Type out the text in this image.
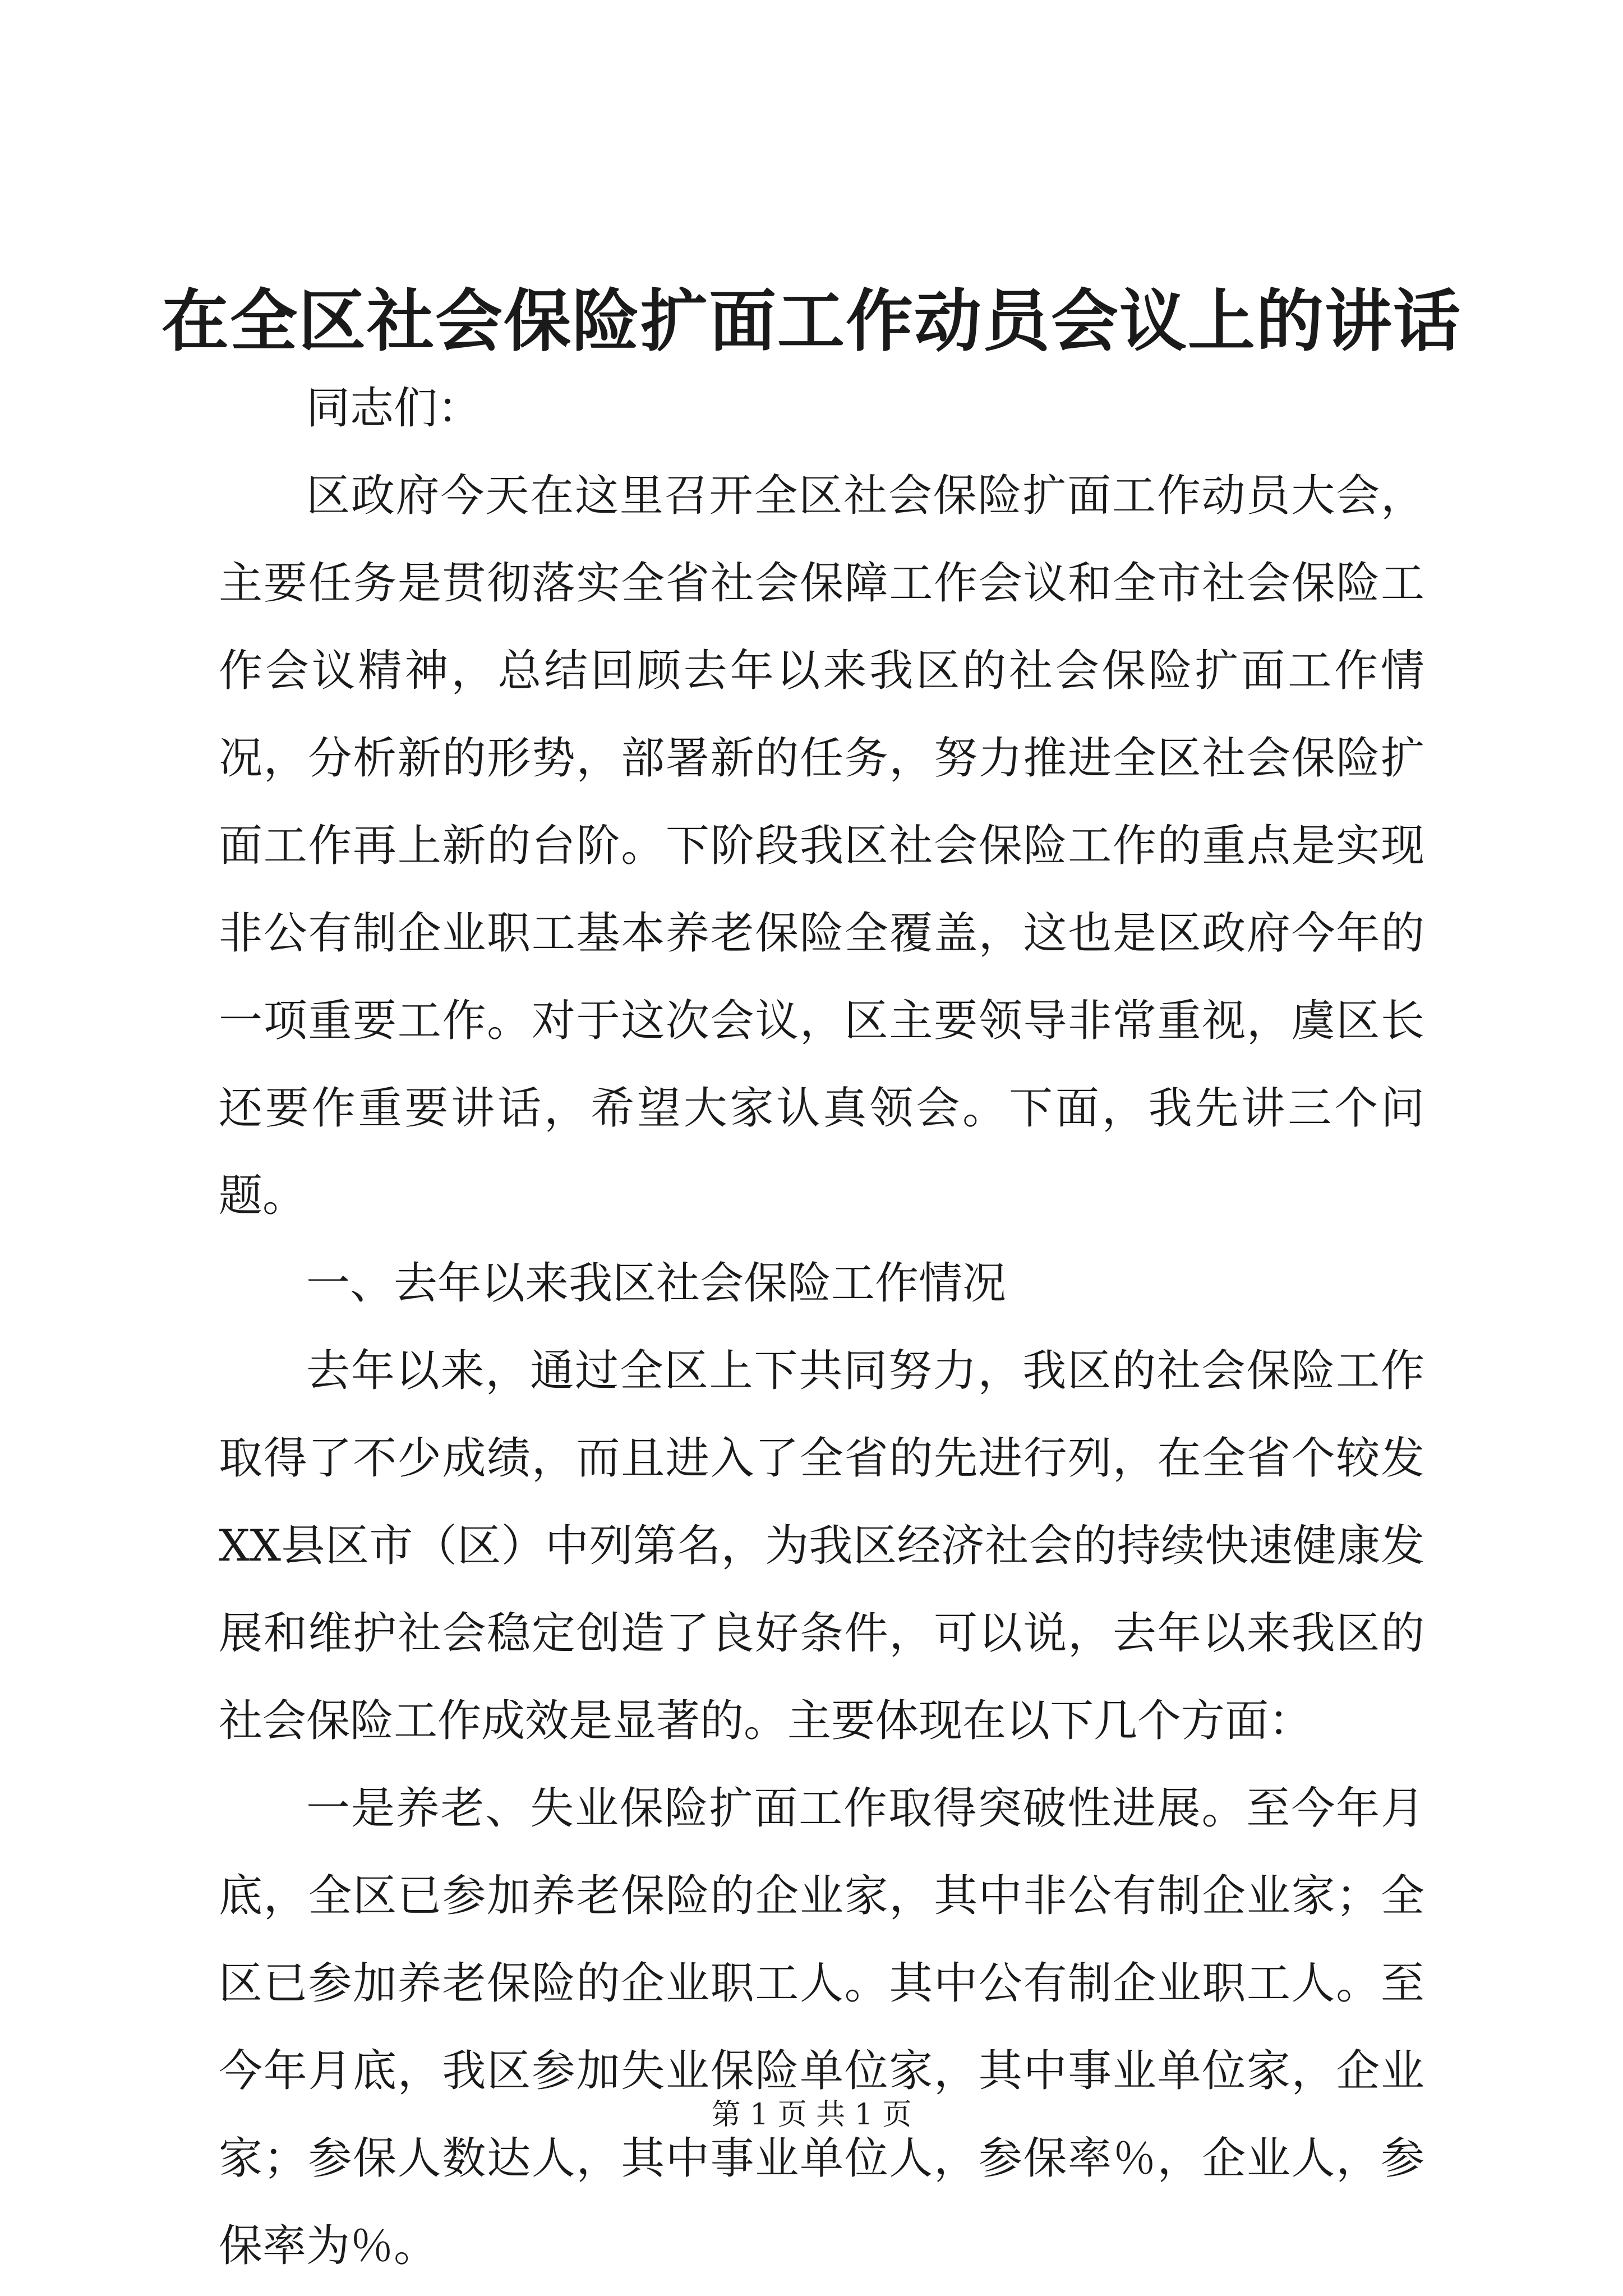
在全区社会保险扩面工作动员会议上的讲话

同志们：

区政府今天在这里召开全区社会保险扩面工作动员大会，主要任务是贯彻落实全省社会保障工作会议和全市社会保险工作会议精神，总结回顾去年以来我区的社会保险扩面工作情况，分析新的形势，部署新的任务，努力推进全区社会保险扩面工作再上新的台阶。下阶段我区社会保险工作的重点是实现非公有制企业职工基本养老保险全覆盖，这也是区政府今年的一项重要工作。对于这次会议，区主要领导非常重视，虞区长还要作重要讲话，希望大家认真领会。下面，我先讲三个问题。

一、去年以来我区社会保险工作情况

去年以来，通过全区上下共同努力，我区的社会保险工作取得了不少成绩，而且进入了全省的先进行列，在全省个较发XX县区市（区）中列第名，为我区经济社会的持续快速健康发展和维护社会稳定创造了良好条件，可以说，去年以来我区的社会保险工作成效是显著的。主要体现在以下几个方面：

一是养老、失业保险扩面工作取得突破性进展。至今年月底，全区已参加养老保险的企业家，其中非公有制企业家；全区已参加养老保险的企业职工人。其中公有制企业职工人。至今年月底，我区参加失业保险单位家，其中事业单位家，企业家；参保人数达人，其中事业单位人，参保率％，企业人，参保率为％。

第 1 页 共 1 页
